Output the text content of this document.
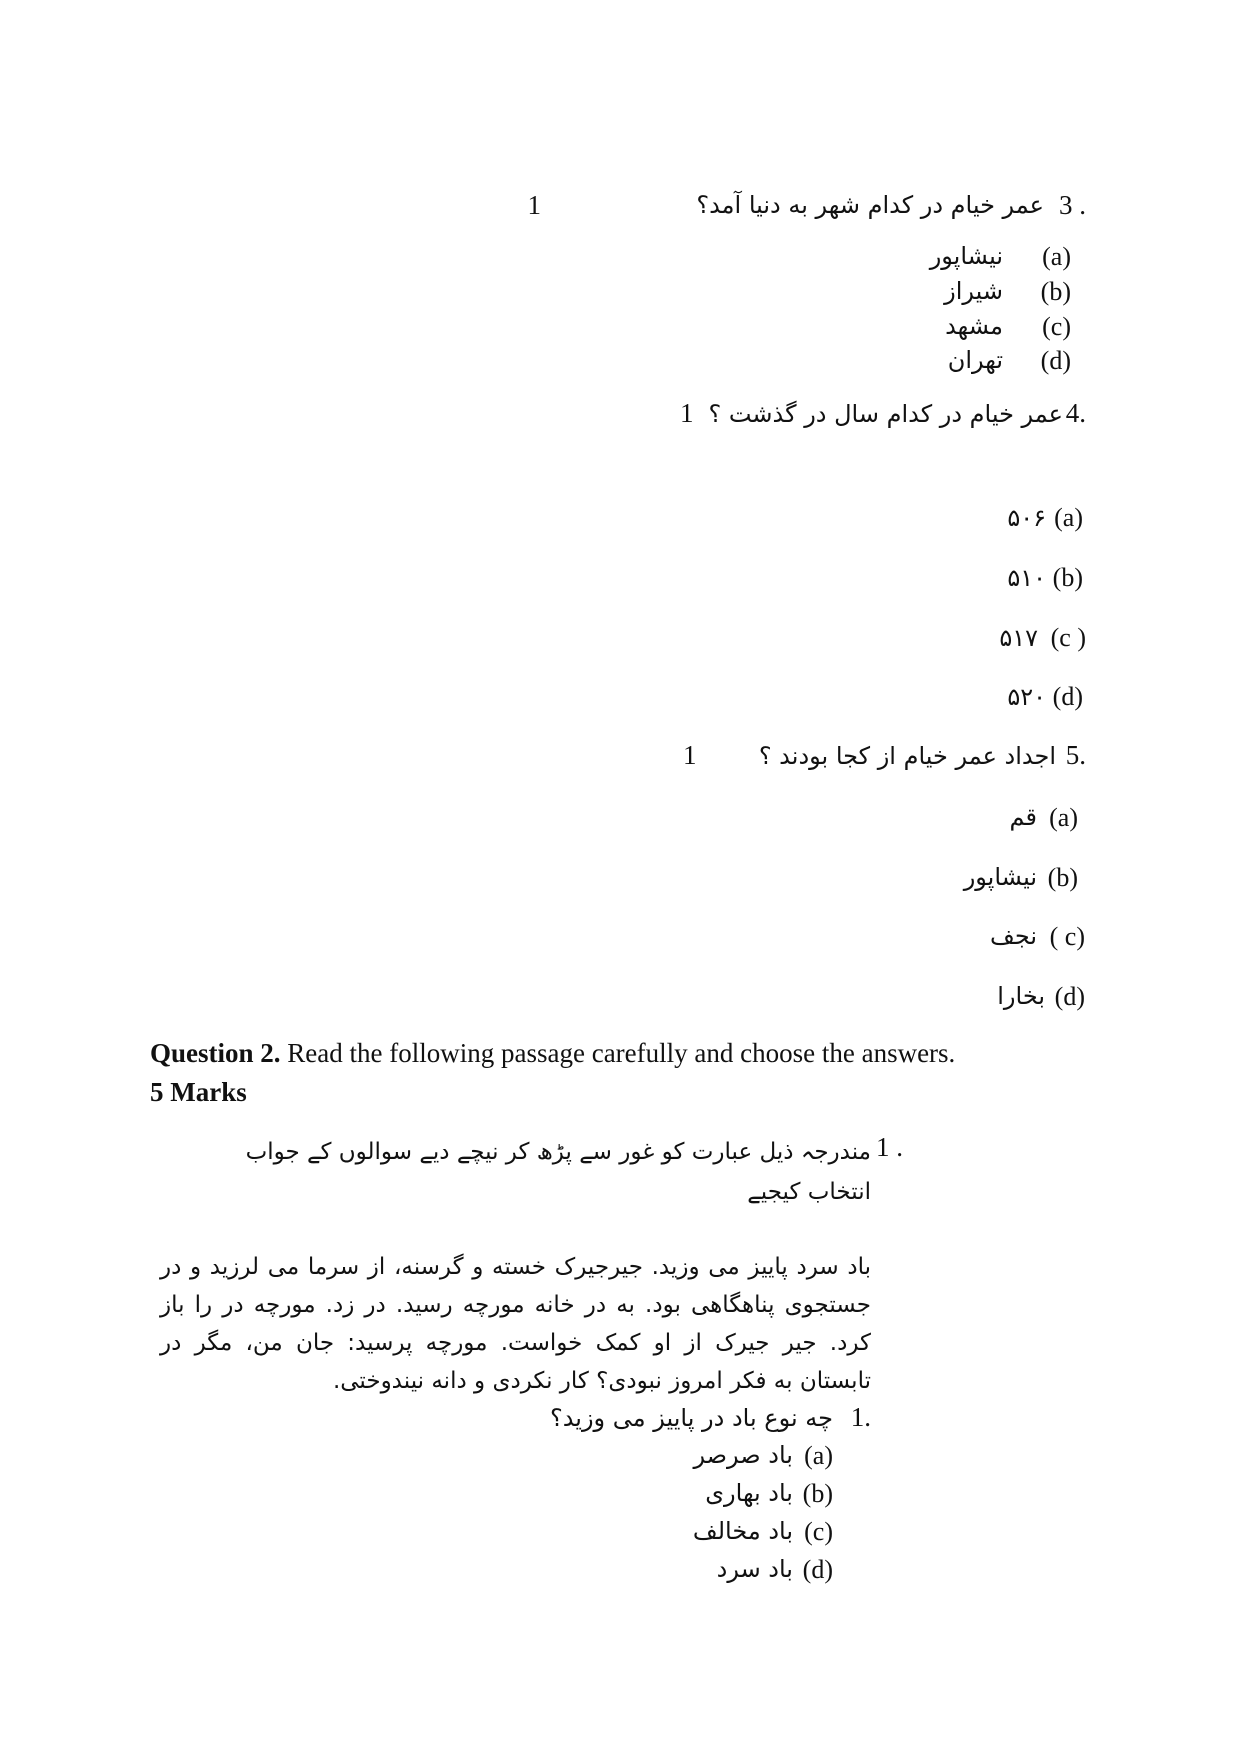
3 .
عمر خیام در کدام شهر به دنیا آمد؟
1
(a)
نیشاپور
(b)
شیراز
(c)
مشهد
(d)
تهران
4.
عمر خیام در کدام سال در گذشت ؟
1
(a)
۵۰۶
(b)
۵۱۰
(c )
۵۱۷
(d)
۵۲۰
5.
اجداد عمر خیام از کجا بودند ؟
1
(a)
قم
(b)
نیشاپور
( c)
نجف
(d)
بخارا
Question 2. Read the following passage carefully and choose the answers.
5 Marks
1 .
مندرجہ ذیل عبارت کو غور سے پڑھ کر نیچے دیے سوالوں کے جواب
انتخاب کیجیے
باد سرد پاییز می وزید. جیرجیرک خسته و گرسنه، از سرما می لرزید و در جستجوی پناهگاهی بود. به در خانه مورچه رسید. در زد. مورچه در را باز کرد. جیر جیرک از او کمک خواست. مورچه پرسید: جان من، مگر در تابستان به فکر امروز نبودی؟ کار نکردی و دانه نیندوختی.
1.
چه نوع باد در پاییز می وزید؟
(a)
باد صرصر
(b)
باد بهاری
(c)
باد مخالف
(d)
باد سرد
